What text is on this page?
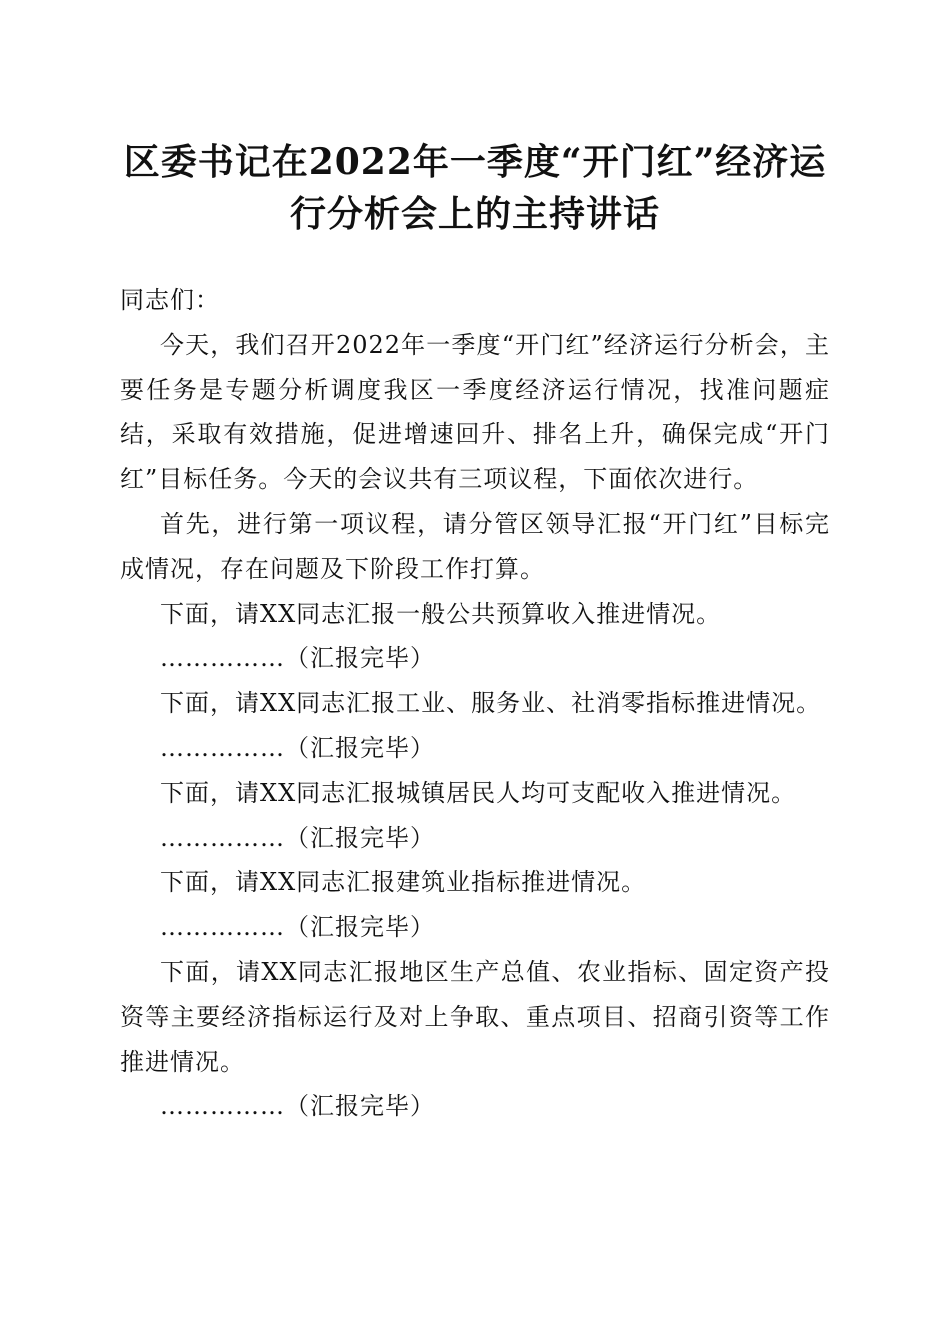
区委书记在2022年一季度“开门红”经济运
行分析会上的主持讲话

同志们：

今天，我们召开2022年一季度“开门红”经济运行分析会，主要任务是专题分析调度我区一季度经济运行情况，找准问题症结，采取有效措施，促进增速回升、排名上升，确保完成“开门红”目标任务。今天的会议共有三项议程，下面依次进行。

首先，进行第一项议程，请分管区领导汇报“开门红”目标完成情况，存在问题及下阶段工作打算。

下面，请XX同志汇报一般公共预算收入推进情况。

……………（汇报完毕）

下面，请XX同志汇报工业、服务业、社消零指标推进情况。

……………（汇报完毕）

下面，请XX同志汇报城镇居民人均可支配收入推进情况。

……………（汇报完毕）

下面，请XX同志汇报建筑业指标推进情况。

……………（汇报完毕）

下面，请XX同志汇报地区生产总值、农业指标、固定资产投资等主要经济指标运行及对上争取、重点项目、招商引资等工作推进情况。

……………（汇报完毕）
